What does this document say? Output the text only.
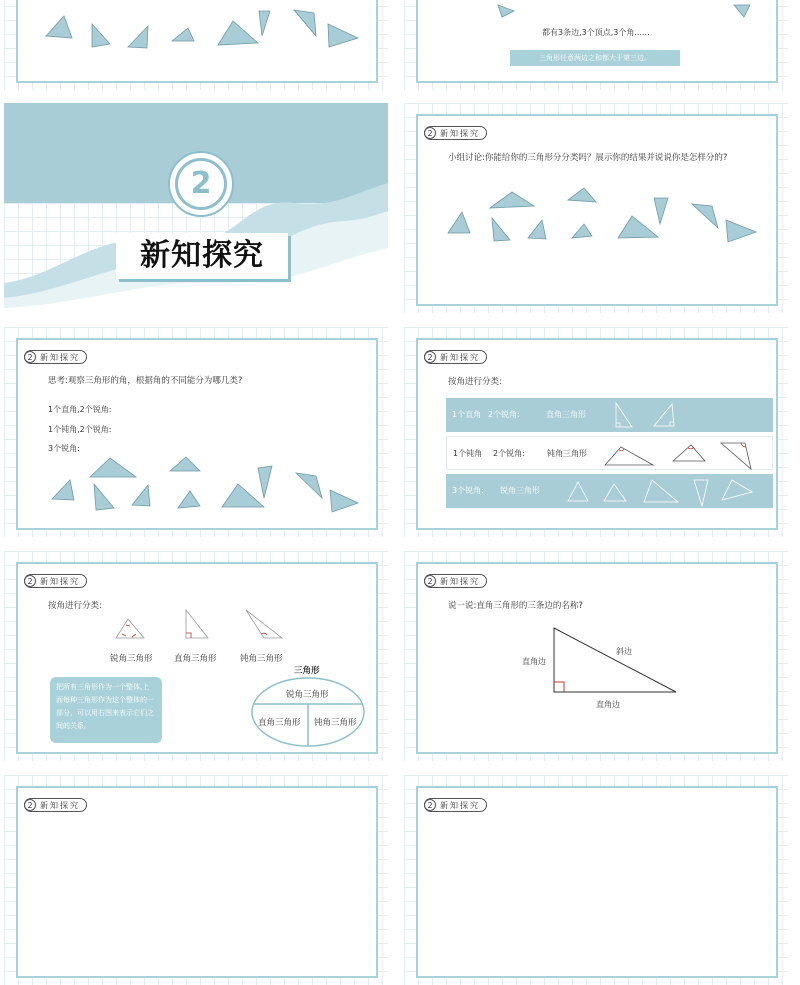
都有3条边,3个顶点,3个角......
三角形任意两边之和都大于第三边。
2
新知探究
2 新知探究
小组讨论:你能给你的三角形分分类吗？展示你的结果并说说你是怎样分的?
2 新知探究
思考:观察三角形的角，根据角的不同能分为哪几类?
1个直角,2个锐角:
1个钝角,2个锐角:
3个锐角:
2 新知探究
按角进行分类:
1个直角 2个锐角:	直角三角形
1个钝角 2个锐角:	钝角三角形
3个锐角: 锐角三角形
2 新知探究
按角进行分类:
锐角三角形	直角三角形	钝角三角形
三角形
锐角三角形
直角三角形 钝角三角形
把所有三角形作为一个整体,上面每种三角形作为这个整体的一部分，可以用右图来表示它们之间的关系。
2 新知探究
说一说:直角三角形的三条边的名称?
直角边
斜边
直角边
2 新知探究	2 新知探究
